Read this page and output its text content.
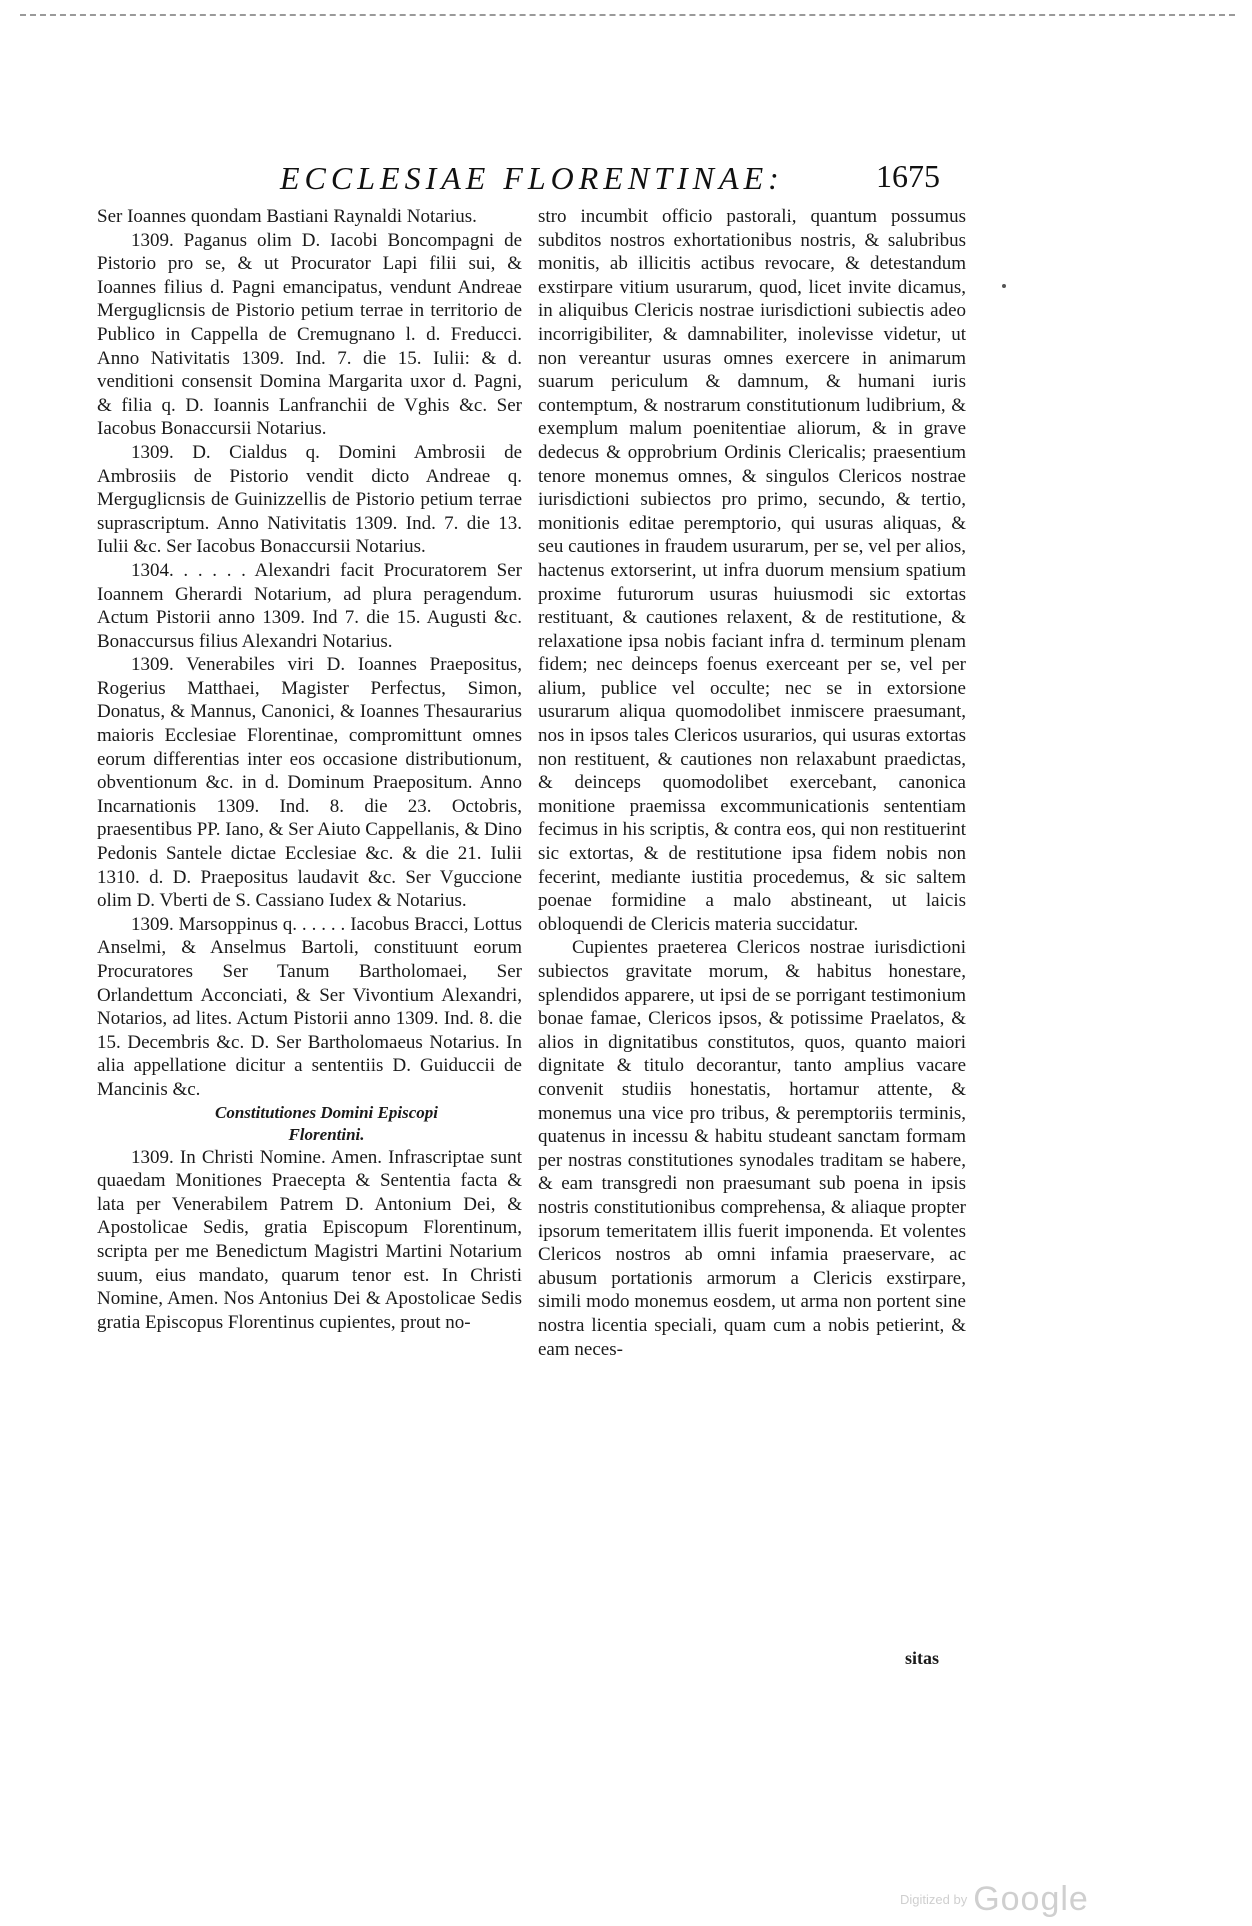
ECCLESIAE FLORENTINAE:	1675

Ser Ioannes quondam Bastiani Raynaldi Notarius.

1309. Paganus olim D. Iacobi Boncompagni de Pistorio pro se, & ut Procurator Lapi filii sui, & Ioannes filius d. Pagni emancipatus, vendunt Andreae Merguglicnsis de Pistorio petium terrae in territorio de Publico in Cappella de Cremugnano l. d. Freducci. Anno Nativitatis 1309. Ind. 7. die 15. Iulii: & d. venditioni consensit Domina Margarita uxor d. Pagni, & filia q. D. Ioannis Lanfranchii de Vghis &c. Ser Iacobus Bonaccursii Notarius.

1309. D. Cialdus q. Domini Ambrosii de Ambrosiis de Pistorio vendit dicto Andreae q. Merguglicnsis de Guinizzellis de Pistorio petium terrae suprascriptum. Anno Nativitatis 1309. Ind. 7. die 13. Iulii &c. Ser Iacobus Bonaccursii Notarius.

1304. . . . . . Alexandri facit Procuratorem Ser Ioannem Gherardi Notarium, ad plura peragendum. Actum Pistorii anno 1309. Ind 7. die 15. Augusti &c. Bonaccursus filius Alexandri Notarius.

1309. Venerabiles viri D. Ioannes Praepositus, Rogerius Matthaei, Magister Perfectus, Simon, Donatus, & Mannus, Canonici, & Ioannes Thesaurarius maioris Ecclesiae Florentinae, compromittunt omnes eorum differentias inter eos occasione distributionum, obventionum &c. in d. Dominum Praepositum. Anno Incarnationis 1309. Ind. 8. die 23. Octobris, praesentibus PP. Iano, & Ser Aiuto Cappellanis, & Dino Pedonis Santele dictae Ecclesiae &c. & die 21. Iulii 1310. d. D. Praepositus laudavit &c. Ser Vguccione olim D. Vberti de S. Cassiano Iudex & Notarius.

1309. Marsoppinus q. . . . . . Iacobus Bracci, Lottus Anselmi, & Anselmus Bartoli, constituunt eorum Procuratores Ser Tanum Bartholomaei, Ser Orlandettum Acconciati, & Ser Vivontium Alexandri, Notarios, ad lites. Actum Pistorii anno 1309. Ind. 8. die 15. Decembris &c. D. Ser Bartholomaeus Notarius. In alia appellatione dicitur a sententiis D. Guiduccii de Mancinis &c.

Constitutiones Domini Episcopi
Florentini.

1309. In Christi Nomine. Amen. Infrascriptae sunt quaedam Monitiones Praecepta & Sententia facta & lata per Venerabilem Patrem D. Antonium Dei, & Apostolicae Sedis, gratia Episcopum Florentinum, scripta per me Benedictum Magistri Martini Notarium suum, eius mandato, quarum tenor est. In Christi Nomine, Amen. Nos Antonius Dei & Apostolicae Sedis gratia Episcopus Florentinus cupientes, prout no-

stro incumbit officio pastorali, quantum possumus subditos nostros exhortationibus nostris, & salubribus monitis, ab illicitis actibus revocare, & detestandum exstirpare vitium usurarum, quod, licet invite dicamus, in aliquibus Clericis nostrae iurisdictioni subiectis adeo incorrigibiliter, & damnabiliter, inolevisse videtur, ut non vereantur usuras omnes exercere in animarum suarum periculum & damnum, & humani iuris contemptum, & nostrarum constitutionum ludibrium, & exemplum malum poenitentiae aliorum, & in grave dedecus & opprobrium Ordinis Clericalis; praesentium tenore monemus omnes, & singulos Clericos nostrae iurisdictioni subiectos pro primo, secundo, & tertio, monitionis editae peremptorio, qui usuras aliquas, & seu cautiones in fraudem usurarum, per se, vel per alios, hactenus extorserint, ut infra duorum mensium spatium proxime futurorum usuras huiusmodi sic extortas restituant, & cautiones relaxent, & de restitutione, & relaxatione ipsa nobis faciant infra d. terminum plenam fidem; nec deinceps foenus exerceant per se, vel per alium, publice vel occulte; nec se in extorsione usurarum aliqua quomodolibet inmiscere praesumant, nos in ipsos tales Clericos usurarios, qui usuras extortas non restituent, & cautiones non relaxabunt praedictas, & deinceps quomodolibet exercebant, canonica monitione praemissa excommunicationis sententiam fecimus in his scriptis, & contra eos, qui non restituerint sic extortas, & de restitutione ipsa fidem nobis non fecerint, mediante iustitia procedemus, & sic saltem poenae formidine a malo abstineant, ut laicis obloquendi de Clericis materia succidatur.

Cupientes praeterea Clericos nostrae iurisdictioni subiectos gravitate morum, & habitus honestare, splendidos apparere, ut ipsi de se porrigant testimonium bonae famae, Clericos ipsos, & potissime Praelatos, & alios in dignitatibus constitutos, quos, quanto maiori dignitate & titulo decorantur, tanto amplius vacare convenit studiis honestatis, hortamur attente, & monemus una vice pro tribus, & peremptoriis terminis, quatenus in incessu & habitu studeant sanctam formam per nostras constitutiones synodales traditam se habere, & eam transgredi non praesumant sub poena in ipsis nostris constitutionibus comprehensa, & aliaque propter ipsorum temeritatem illis fuerit imponenda. Et volentes Clericos nostros ab omni infamia praeservare, ac abusum portationis armorum a Clericis exstirpare, simili modo monemus eosdem, ut arma non portent sine nostra licentia speciali, quam cum a nobis petierint, & eam neces-

sitas
$^{Digitized by}$ Google
